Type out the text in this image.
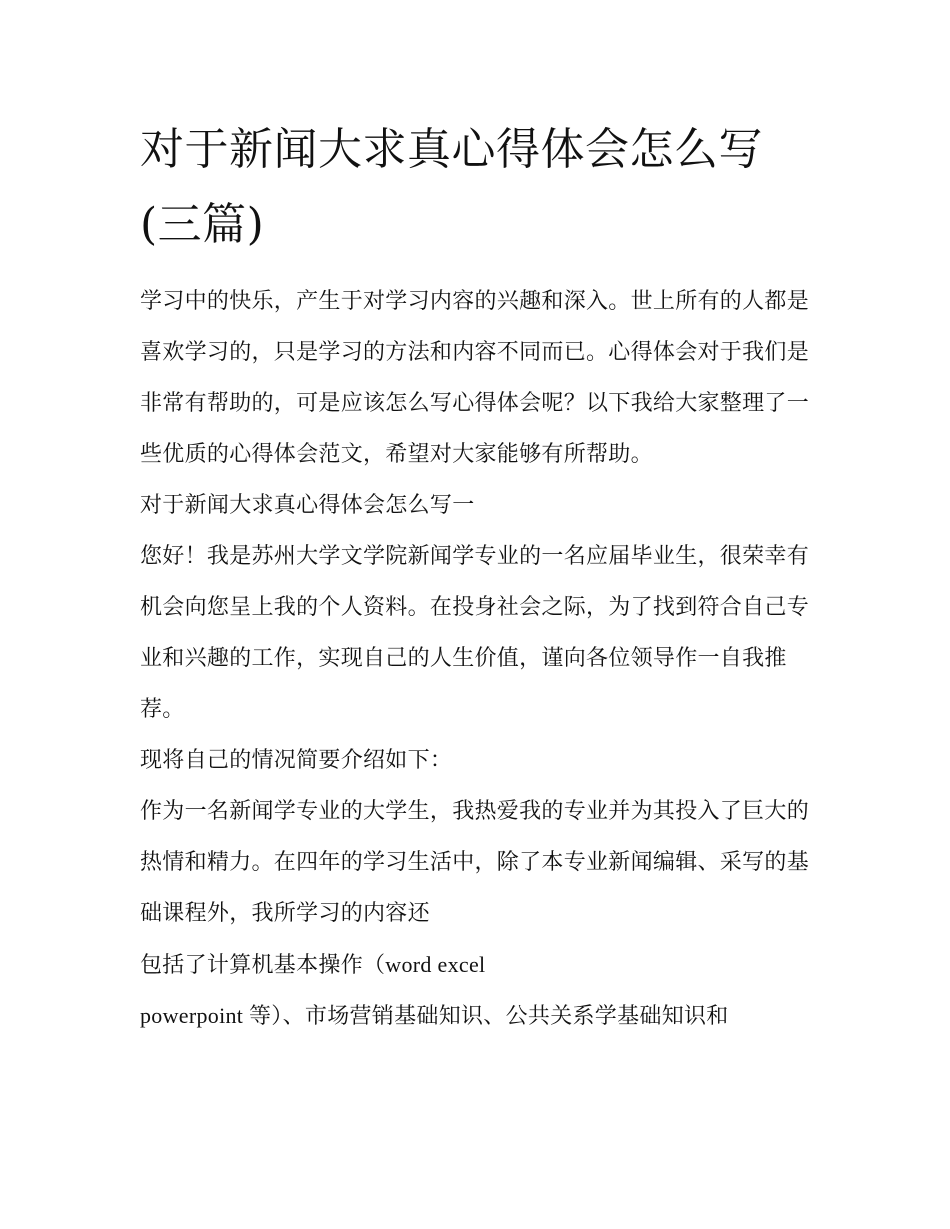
对于新闻大求真心得体会怎么写(三篇)

学习中的快乐，产生于对学习内容的兴趣和深入。世上所有的人都是喜欢学习的，只是学习的方法和内容不同而已。心得体会对于我们是非常有帮助的，可是应该怎么写心得体会呢？以下我给大家整理了一些优质的心得体会范文，希望对大家能够有所帮助。

对于新闻大求真心得体会怎么写一

您好！我是苏州大学文学院新闻学专业的一名应届毕业生，很荣幸有机会向您呈上我的个人资料。在投身社会之际，为了找到符合自己专业和兴趣的工作，实现自己的人生价值，谨向各位领导作一自我推荐。

现将自己的情况简要介绍如下：

作为一名新闻学专业的大学生，我热爱我的专业并为其投入了巨大的热情和精力。在四年的学习生活中，除了本专业新闻编辑、采写的基础课程外，我所学习的内容还

包括了计算机基本操作（word excel

powerpoint 等）、市场营销基础知识、公共关系学基础知识和
